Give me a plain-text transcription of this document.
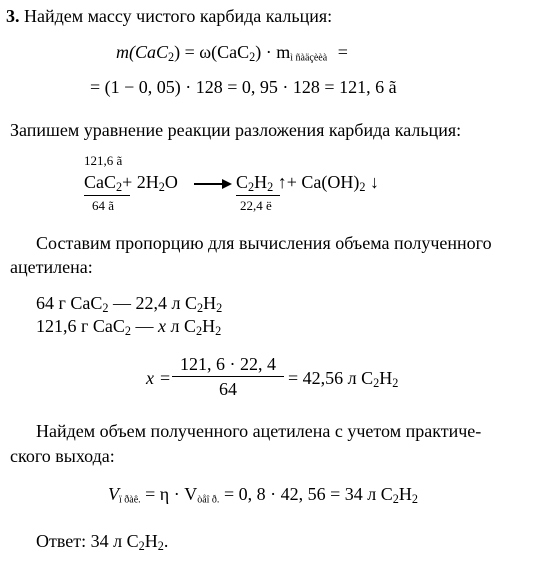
3. Найдем массу чистого карбида кальция:
$m(CaC_2) = \omega(CaC_2) \cdot m_{ì ñàäçèèà}$ =
= (1 − 0, 05) · 128 = 0, 95 · 128 = 121, 6 ã
Запишем уравнение реакции разложения карбида кальция:
121,6 ã
$CaC_2+ 2H_2O$
64 ã
$C_2H_2$ ↑+ $Ca(OH)_2$ ↓
22,4 ë
Составим пропорцию для вычисления объема полученного
ацетилена:
64 г CaC$_2$ — 22,4 л $C_2H_2$
121,6 г CaC$_2$ — x л $C_2H_2$
$x = \frac{121, 6 \cdot 22, 4}{64} = 42,56$ л $C_2H_2$
Найдем объем полученного ацетилена с учетом практиче-
ского выхода:
$V_{ï ðàê.} = \eta \cdot V_{òåî ð.} = 0$, 8 · 42, 56 = 34 л $C_2H_2$
Ответ: 34 л $C_2H_2$.
